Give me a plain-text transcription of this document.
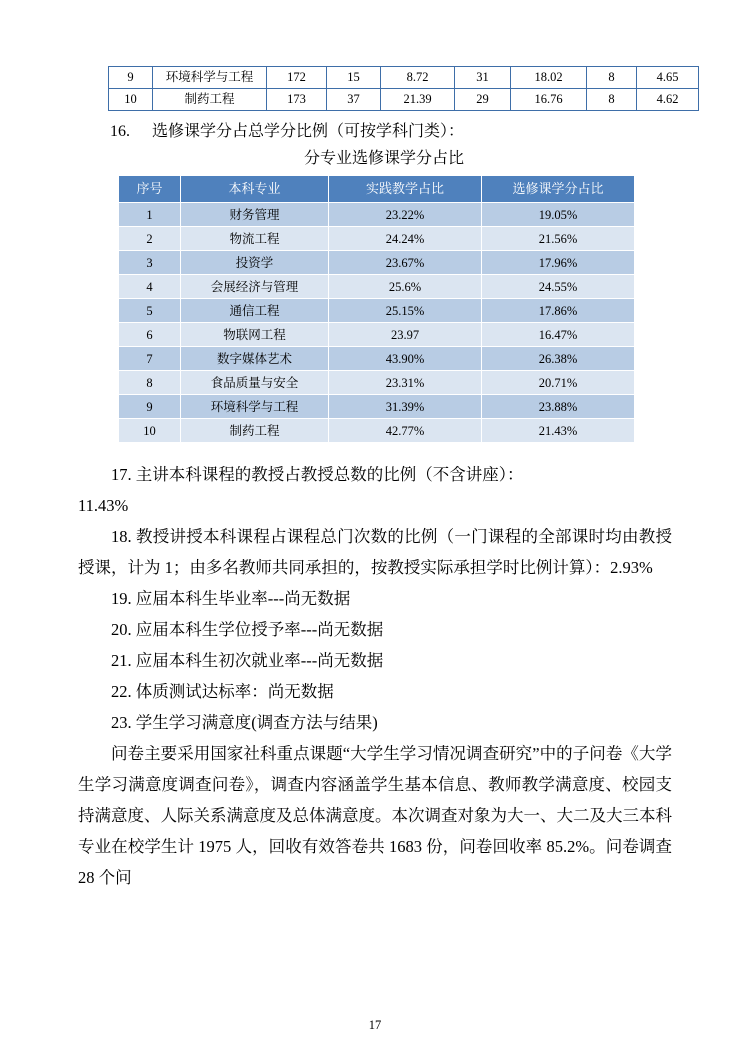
9	环境科学与工程	172	15	8.72	31	18.02	8	4.65
10	制药工程	173	37	21.39	29	16.76	8	4.62
16. 选修课学分占总学分比例（可按学科门类）：
分专业选修课学分占比
序号	本科专业	实践教学占比	选修课学分占比
1	财务管理	23.22%	19.05%
2	物流工程	24.24%	21.56%
3	投资学	23.67%	17.96%
4	会展经济与管理	25.6%	24.55%
5	通信工程	25.15%	17.86%
6	物联网工程	23.97	16.47%
7	数字媒体艺术	43.90%	26.38%
8	食品质量与安全	23.31%	20.71%
9	环境科学与工程	31.39%	23.88%
10	制药工程	42.77%	21.43%

17. 主讲本科课程的教授占教授总数的比例（不含讲座）：

11.43%

18. 教授讲授本科课程占课程总门次数的比例（一门课程的全部课时均由教授授课，计为 1；由多名教师共同承担的，按教授实际承担学时比例计算）：2.93%

19. 应届本科生毕业率---尚无数据

20. 应届本科生学位授予率---尚无数据

21. 应届本科生初次就业率---尚无数据

22. 体质测试达标率：尚无数据

23. 学生学习满意度(调查方法与结果)

问卷主要采用国家社科重点课题“大学生学习情况调查研究”中的子问卷《大学生学习满意度调查问卷》，调查内容涵盖学生基本信息、教师教学满意度、校园支持满意度、人际关系满意度及总体满意度。本次调查对象为大一、大二及大三本科专业在校学生计 1975 人，回收有效答卷共 1683 份，问卷回收率 85.2%。问卷调查 28 个问

17
